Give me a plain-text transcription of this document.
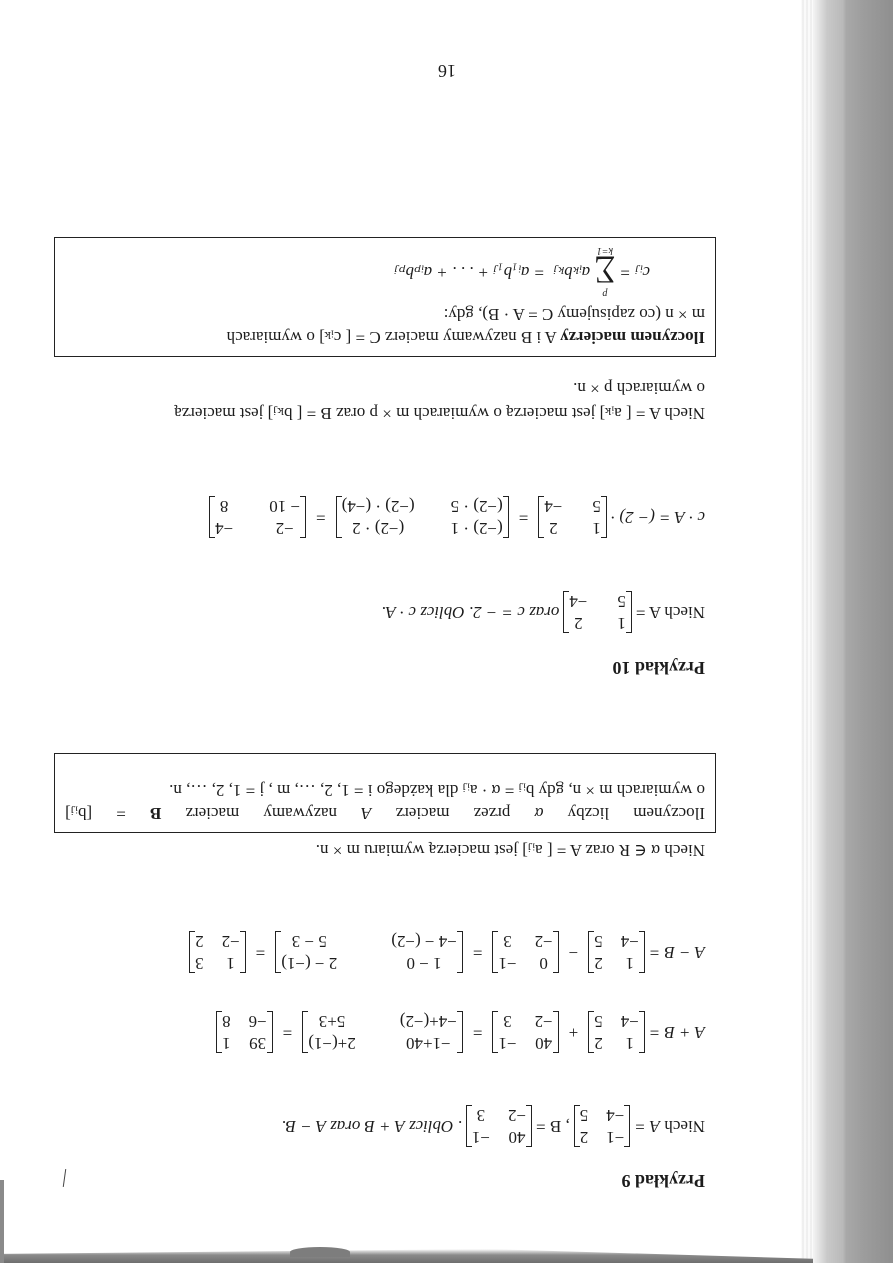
Przykład 9
Niech

A =
−1
2
−4
5
, B =
40
−1
−2
3
. Oblicz A + B oraz A − B.
A + B =
1
2
−4
5
+
40
−1
−2
3
=
−1+40
2+(−1)
−4+(−2)
5+3
=
39
1
−6
8
A − B =
1
2
−4
5
−
0
−1
−2
3
=
1 − 0
2 − (−1)
−4 − (−2)
5 − 3
=
1
3
−2
2
Niech α ∈ R oraz A = [ aᵢⱼ] jest macierzą wymiaru m × n.
Iloczynem
liczby
α
przez
macierz
A
nazywamy
macierz
B
=
[bᵢⱼ]
o wymiarach m × n, gdy bᵢⱼ = α · aᵢⱼ dla każdego i = 1, 2, …, m , j = 1, 2, …, n.
Przykład 10
Niech A =
1
2
5
−4
oraz c = − 2. Oblicz c · A.
c · A = (− 2) ·
1
2
5
−4
=
(−2) · 1
(−2) · 2
(−2) · 5
(−2) · (−4)
=
−2
−4
− 10
8
Niech A = [ aᵢₖ] jest macierzą o wymiarach m × p oraz B = [ bₖⱼ] jest macierzą
o wymiarach p × n.
Iloczynem macierzy A i B nazywamy macierz C = [ cᵢₖ] o wymiarach
m × n (co zapisujemy C = A · B), gdy:
cᵢⱼ =
p
∑
k=1
aᵢₖbₖⱼ

= aᵢ₁b₁ⱼ + . . . + aᵢₚbₚⱼ
16
